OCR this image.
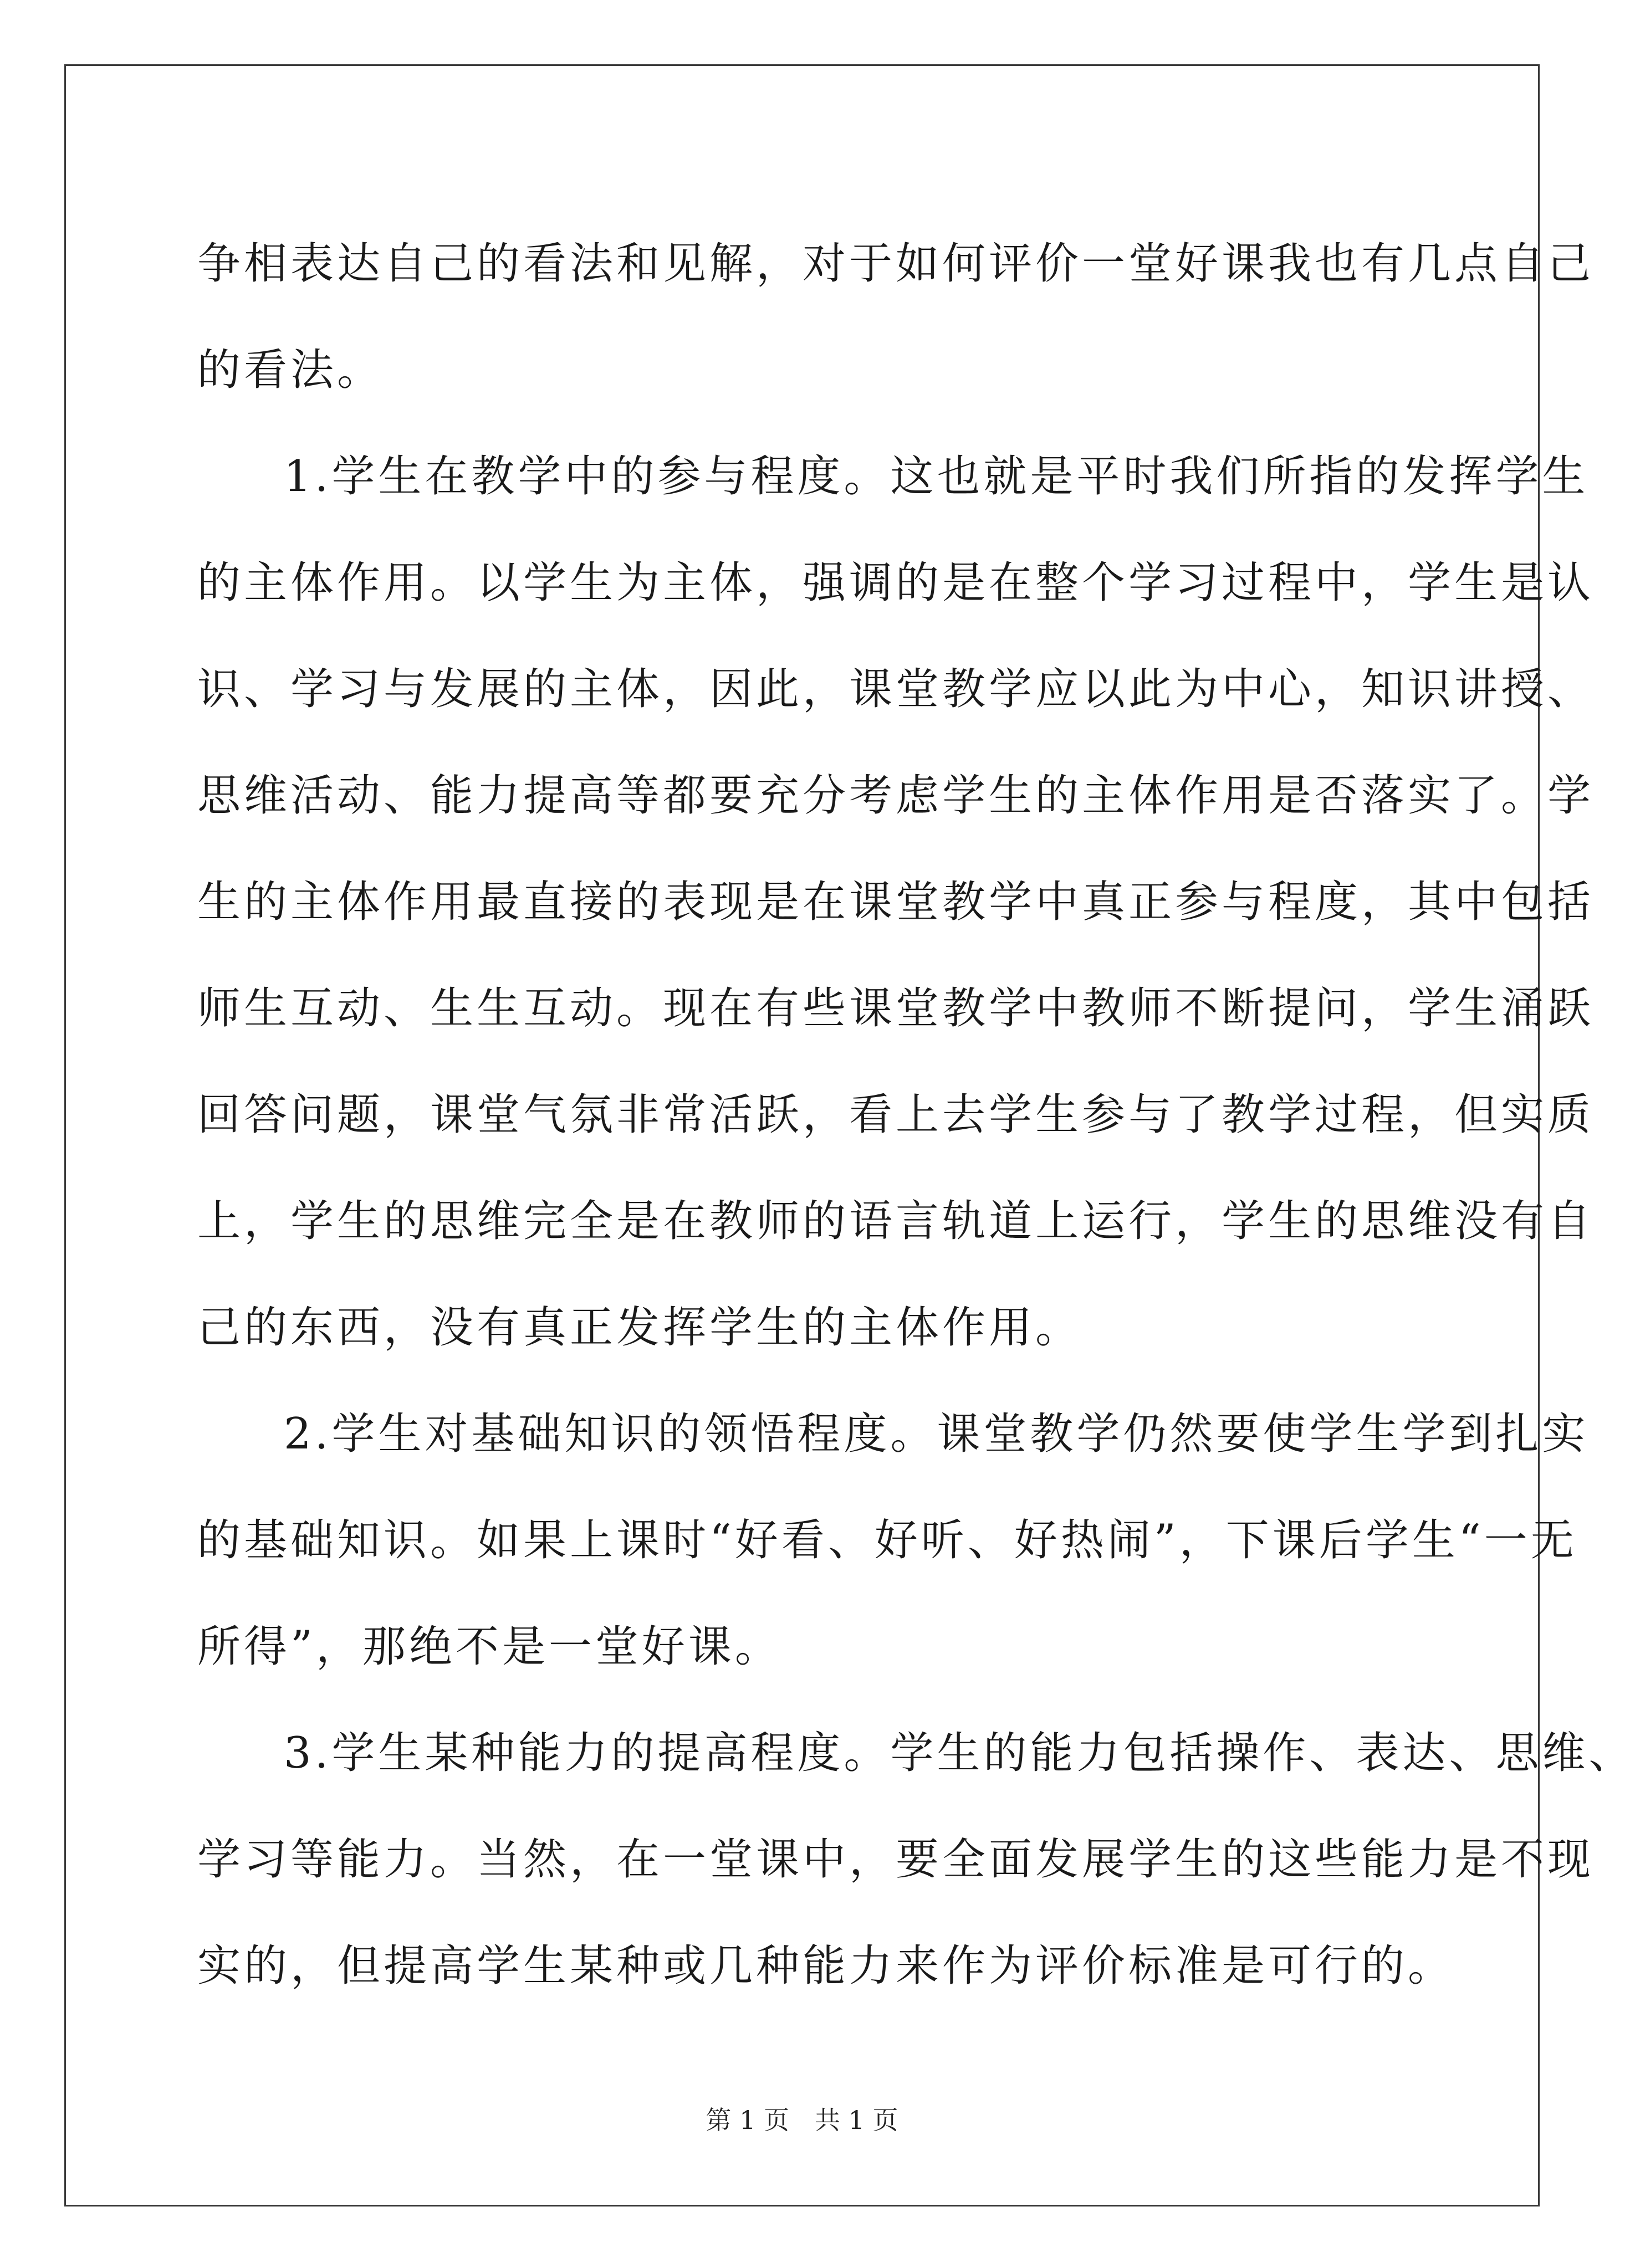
争相表达自己的看法和见解，对于如何评价一堂好课我也有几点自己
的看法。
1.学生在教学中的参与程度。这也就是平时我们所指的发挥学生
的主体作用。以学生为主体，强调的是在整个学习过程中，学生是认
识、学习与发展的主体，因此，课堂教学应以此为中心，知识讲授、
思维活动、能力提高等都要充分考虑学生的主体作用是否落实了。学
生的主体作用最直接的表现是在课堂教学中真正参与程度，其中包括
师生互动、生生互动。现在有些课堂教学中教师不断提问，学生涌跃
回答问题，课堂气氛非常活跃，看上去学生参与了教学过程，但实质
上，学生的思维完全是在教师的语言轨道上运行，学生的思维没有自
己的东西，没有真正发挥学生的主体作用。
2.学生对基础知识的领悟程度。课堂教学仍然要使学生学到扎实
的基础知识。如果上课时“好看、好听、好热闹”，下课后学生“一无
所得”，那绝不是一堂好课。
3.学生某种能力的提高程度。学生的能力包括操作、表达、思维、
学习等能力。当然，在一堂课中，要全面发展学生的这些能力是不现
实的，但提高学生某种或几种能力来作为评价标准是可行的。
第 1 页　共 1 页
